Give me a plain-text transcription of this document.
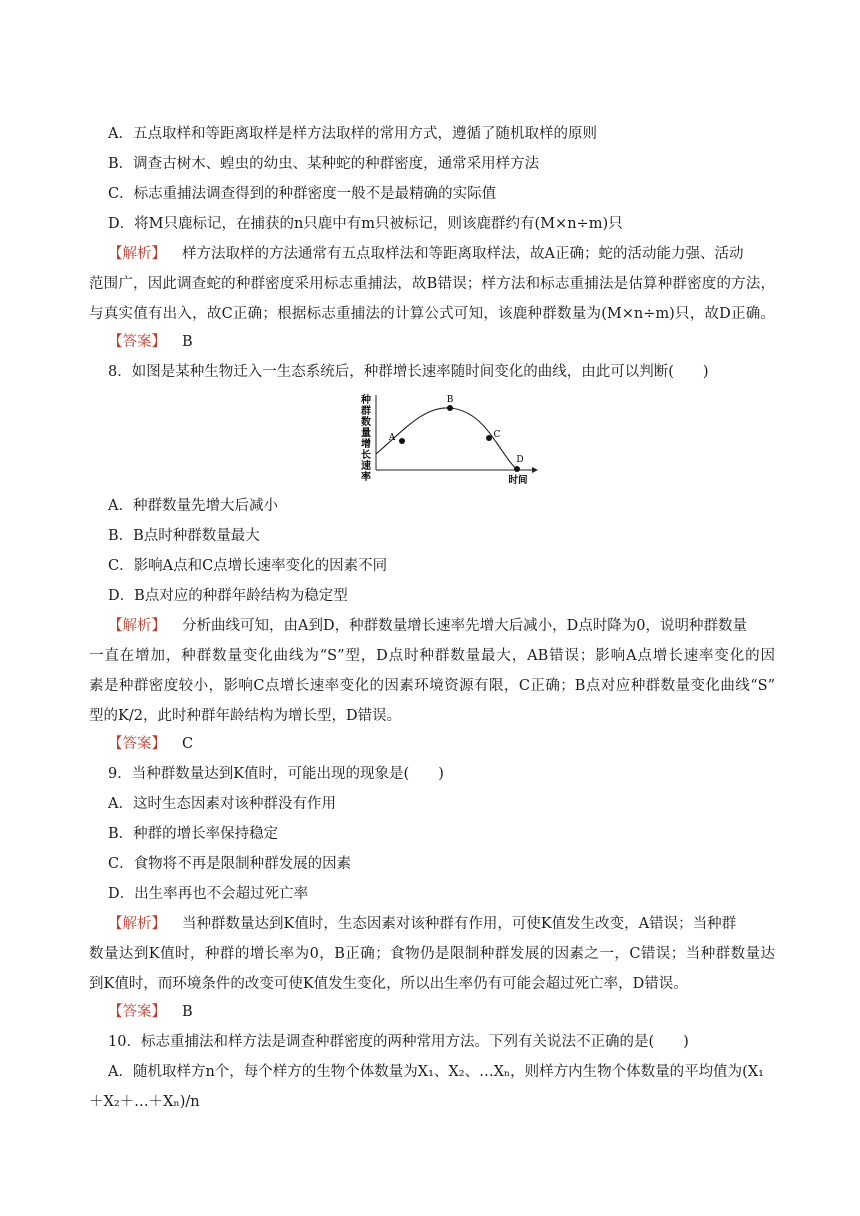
A．五点取样和等距离取样是样方法取样的常用方式，遵循了随机取样的原则
B．调查古树木、蝗虫的幼虫、某种蛇的种群密度，通常采用样方法
C．标志重捕法调查得到的种群密度一般不是最精确的实际值
D．将M只鹿标记，在捕获的n只鹿中有m只被标记，则该鹿群约有(M×n÷m)只
【解析】 样方法取样的方法通常有五点取样法和等距离取样法，故A正确；蛇的活动能力强、活动
范围广，因此调查蛇的种群密度采用标志重捕法，故B错误；样方法和标志重捕法是估算种群密度的方法，
与真实值有出入，故C正确；根据标志重捕法的计算公式可知，该鹿种群数量为(M×n÷m)只，故D正确。
【答案】 B
8．如图是某种生物迁入一生态系统后，种群增长速率随时间变化的曲线，由此可以判断(　　)
种
群
数
量
增
长
速
率	时间
A
B
C
D
A．种群数量先增大后减小
B．B点时种群数量最大
C．影响A点和C点增长速率变化的因素不同
D．B点对应的种群年龄结构为稳定型
【解析】 分析曲线可知，由A到D，种群数量增长速率先增大后减小，D点时降为0，说明种群数量
一直在增加，种群数量变化曲线为“S”型，D点时种群数量最大，AB错误；影响A点增长速率变化的因
素是种群密度较小，影响C点增长速率变化的因素环境资源有限，C正确；B点对应种群数量变化曲线“S”
型的K/2，此时种群年龄结构为增长型，D错误。
【答案】 C
9．当种群数量达到K值时，可能出现的现象是(　　)
A．这时生态因素对该种群没有作用
B．种群的增长率保持稳定
C．食物将不再是限制种群发展的因素
D．出生率再也不会超过死亡率
【解析】 当种群数量达到K值时，生态因素对该种群有作用，可使K值发生改变，A错误；当种群
数量达到K值时，种群的增长率为0，B正确；食物仍是限制种群发展的因素之一，C错误；当种群数量达
到K值时，而环境条件的改变可使K值发生变化，所以出生率仍有可能会超过死亡率，D错误。
【答案】 B
10．标志重捕法和样方法是调查种群密度的两种常用方法。下列有关说法不正确的是(　　)
A．随机取样方n个，每个样方的生物个体数量为X₁、X₂、…Xₙ，则样方内生物个体数量的平均值为(X₁
＋X₂＋…＋Xₙ)/n
